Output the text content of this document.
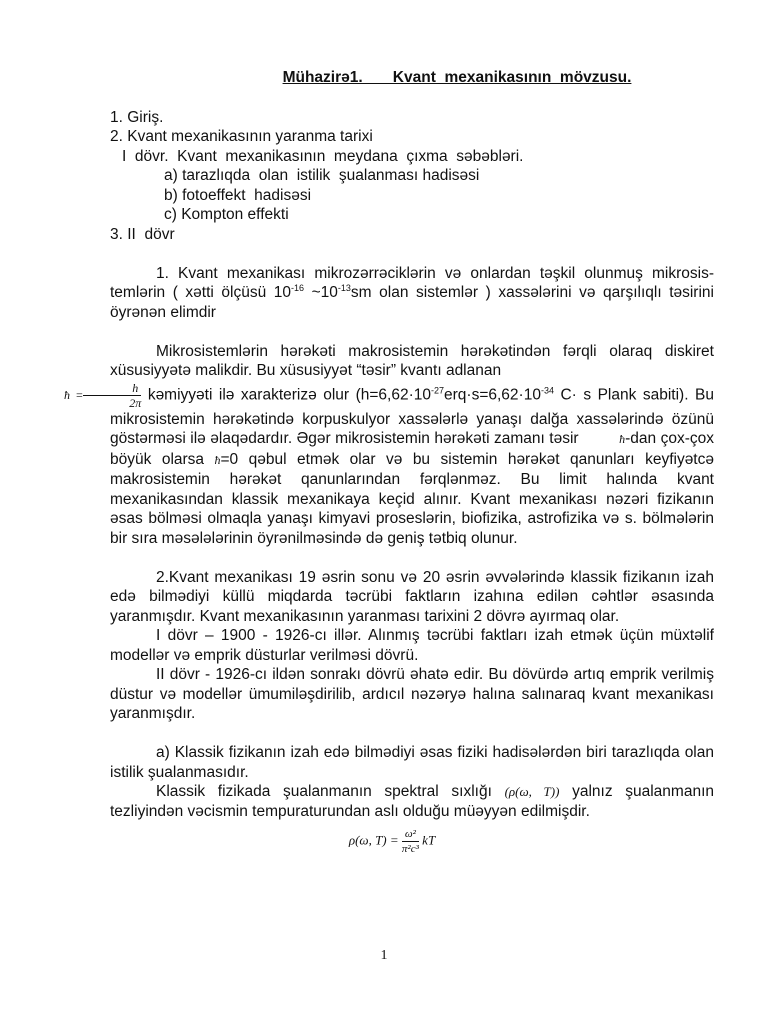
Mühazirə1.       Kvant  mexanikasının  mövzusu.
1. Giriş.
2. Kvant mexanikasının yaranma tarixi
I  dövr.  Kvant  mexanikasının  meydana  çıxma  səbəbləri.
a) tarazlıqda  olan  istilik  şualanması hadisəsi
b) fotoeffekt  hadisəsi
c) Kompton effekti
3. II  dövr

1. Kvant mexanikası mikrozərrəciklərin və onlardan təşkil olunmuş mikrosis-temlərin ( xətti ölçüsü $10^{-16}$ $\sim 10^{-13}sm$ olan sistemlər ) xassələrini və qarşılıqlı təsirini öyrənən elimdir

Mikrosistemlərin hərəkəti makrosistemin hərəkətindən fərqli olaraq diskiret xüsusiyyətə malikdir. Bu xüsusiyyət “təsir” kvantı adlanan
ħ = $\frac{h}{2\pi}$ kəmiyyəti ilə xarakterizə olur ($h=6,62\cdot 10^{-27}erq\cdot s=6,62\cdot 10^{-34}$ C· s Plank sabiti). Bu mikrosistemin hərəkətində korpuskulyor xassələrlə yanaşı dalğa xassələrində özünü göstərməsi ilə əlaqədardır. Əgər mikrosistemin hərəkəti zamanı təsir	ħ-dan çox-çox böyük olarsa ħ=0 qəbul etmək olar və bu sistemin hərəkət qanunları keyfiyətcə makrosistemin hərəkət qanunlarından fərqlənməz. Bu limit halında kvant mexanikasından klassik mexanikaya keçid alınır. Kvant mexanikası nəzəri fizikanın əsas bölməsi olmaqla yanaşı kimyavi proseslərin, biofizika, astrofizika və s. bölmələrin bir sıra məsələlərinin öyrənilməsində də geniş tətbiq olunur.

2.Kvant mexanikası 19 əsrin sonu və 20 əsrin əvvələrində klassik fizikanın izah edə bilmədiyi küllü miqdarda təcrübi faktların izahına edilən cəhtlər əsasında yaranmışdır. Kvant mexanikasının yaranması tarixini 2 dövrə ayırmaq olar.

I dövr – 1900 - 1926-cı illər. Alınmış təcrübi faktları izah etmək üçün müxtəlif modellər və emprik düsturlar verilməsi dövrü.

II dövr - 1926-cı ildən sonrakı dövrü əhatə edir. Bu dövürdə artıq emprik verilmiş düstur və modellər ümumiləşdirilib, ardıcıl nəzəryə halına salınaraq kvant mexanikası yaranmışdır.

a) Klassik fizikanın izah edə bilmədiyi əsas fiziki hadisələrdən biri tarazlıqda olan istilik şualanmasıdır.

Klassik fizikada şualanmanın spektral sıxlığı (ρ(ω, T)) yalnız şualanmanın tezliyindən vəcismin tempuraturundan aslı olduğu müəyyən edilmişdir.

ρ(ω, $T) = \frac{\text{ω²}}{\text{π²c³}}$ kT
1
